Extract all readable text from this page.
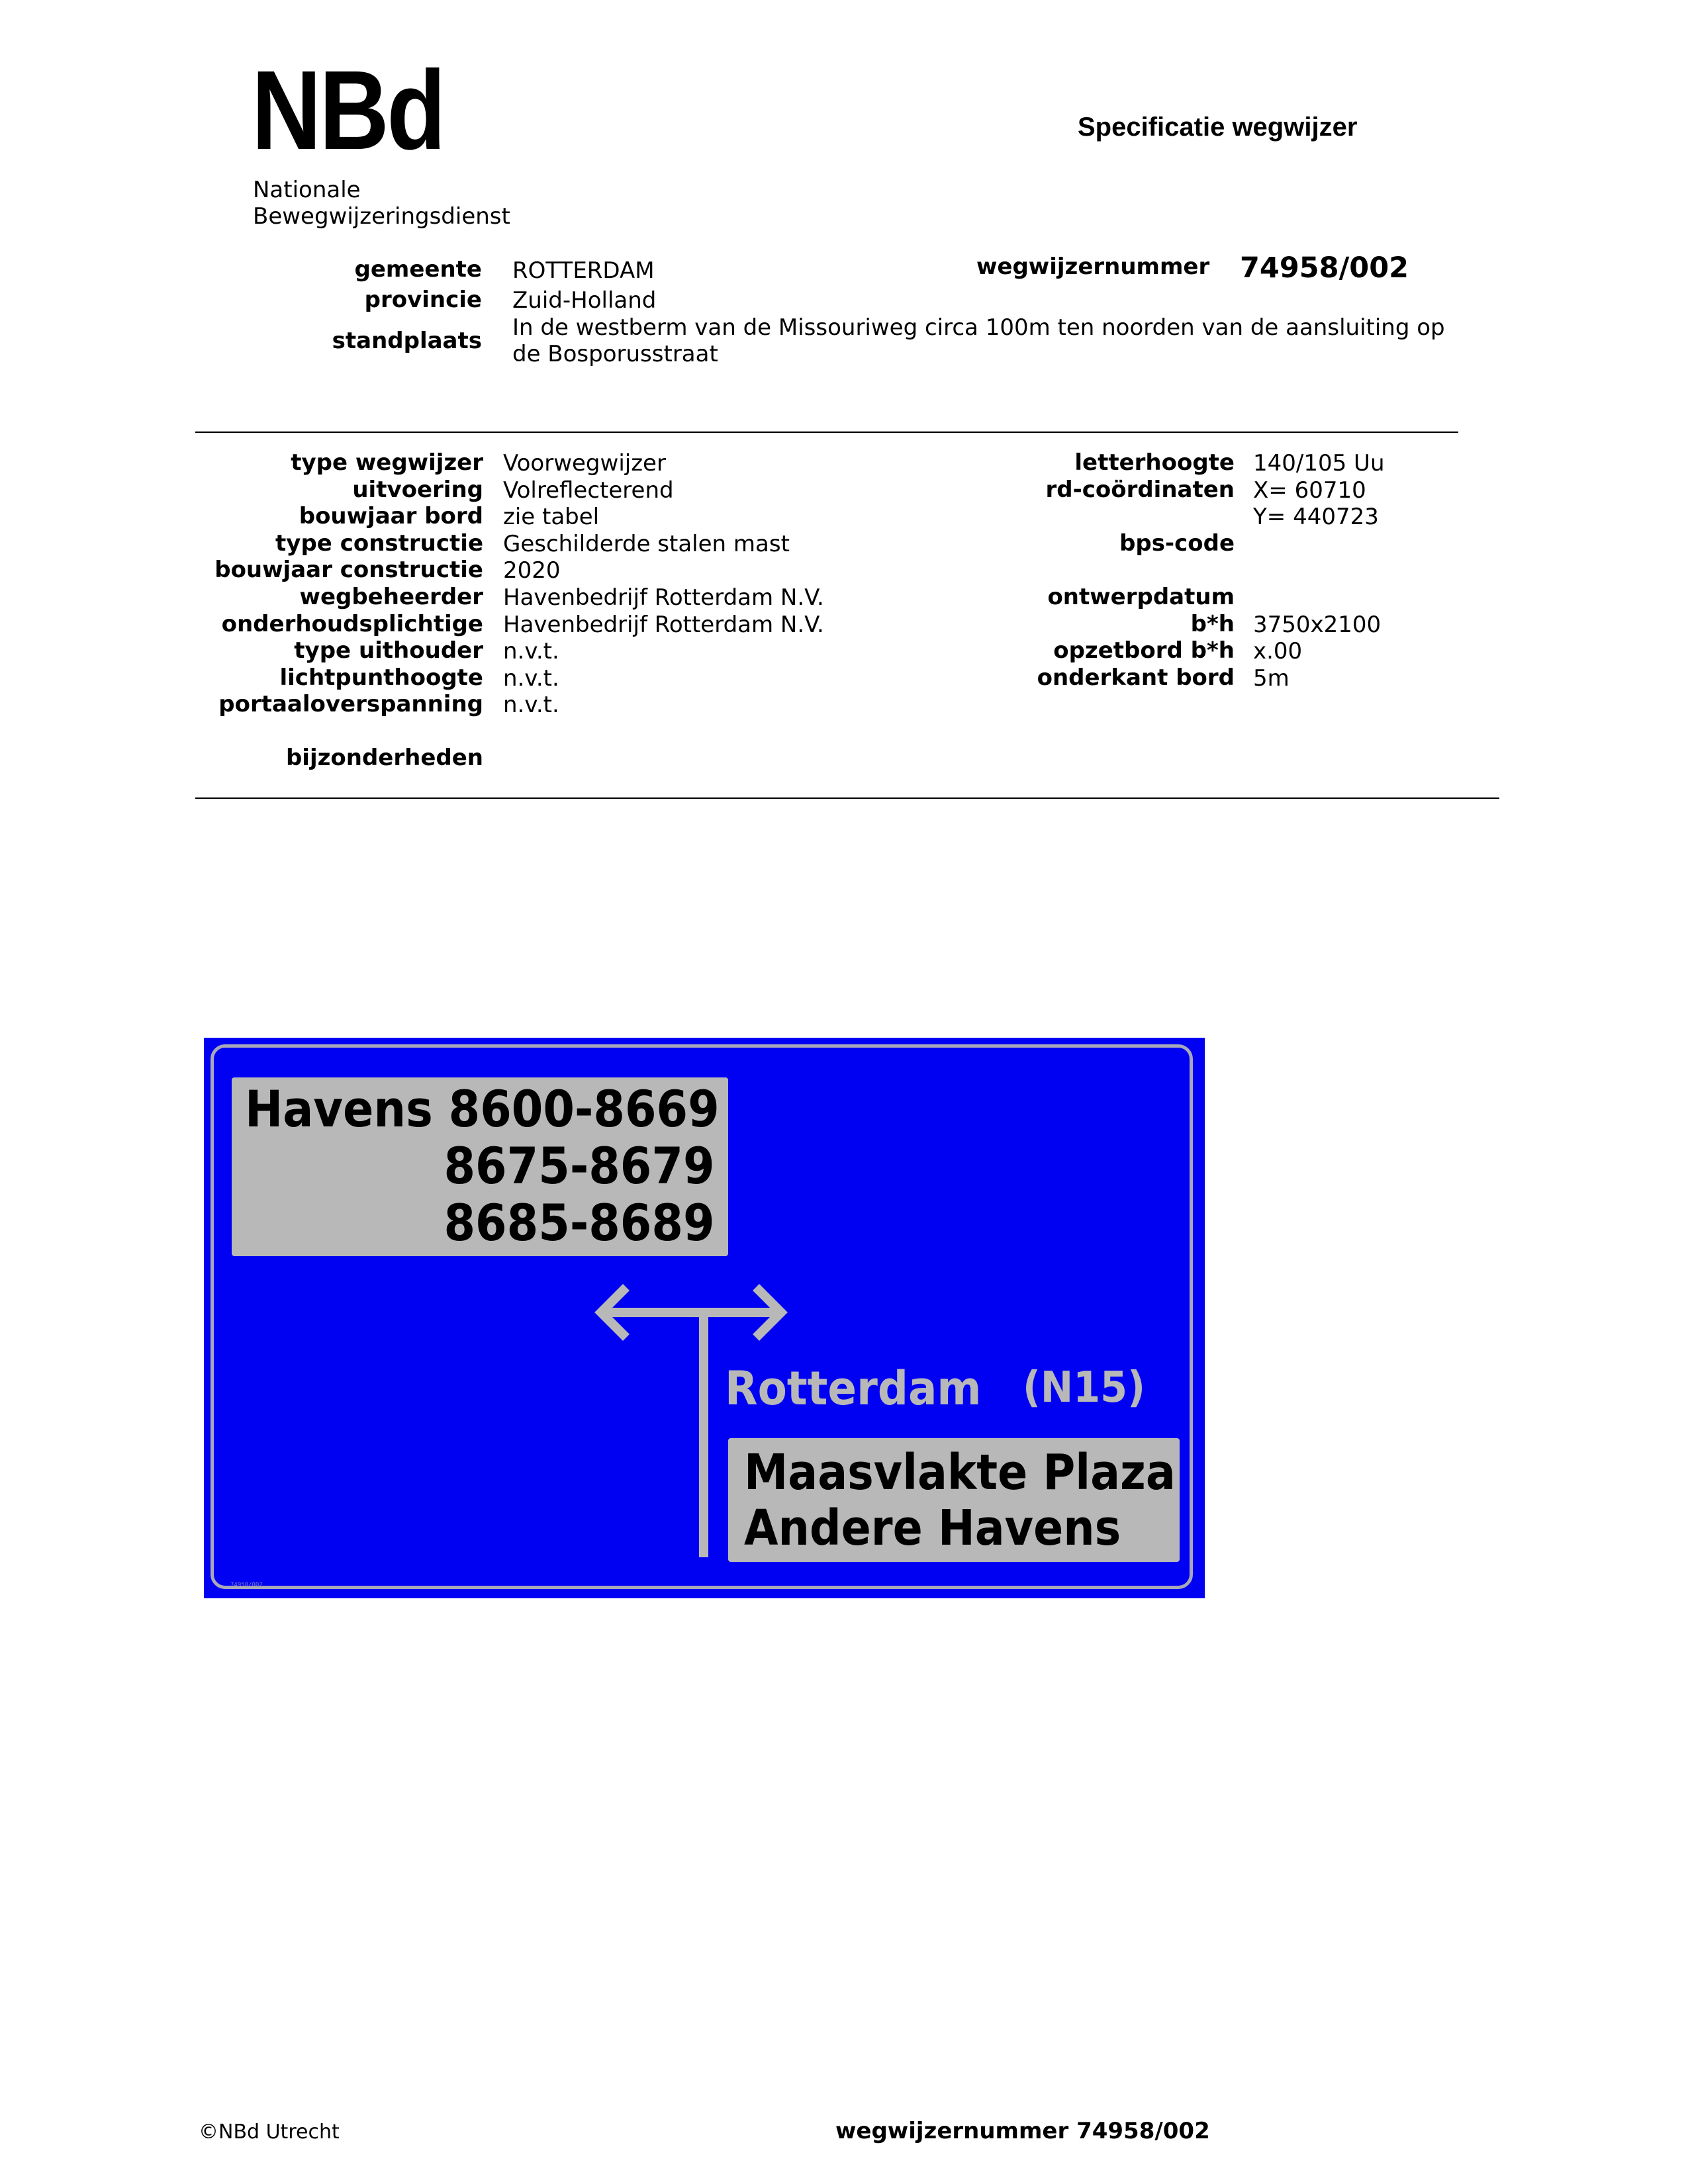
NBd
Nationale
Bewegwijzeringsdienst
Specificatie wegwijzer
gemeente ROTTERDAM
provincie Zuid-Holland
standplaats In de westberm van de Missouriweg circa 100m ten noorden van de aansluiting op
de Bosporusstraat
wegwijzernummer 74958/002
type wegwijzer
uitvoering
bouwjaar bord
type constructie
bouwjaar constructie
wegbeheerder
onderhoudsplichtige
type uithouder
lichtpunthoogte
portaaloverspanning
Voorwegwijzer
Volreflecterend
zie tabel
Geschilderde stalen mast
2020
Havenbedrijf Rotterdam N.V.
Havenbedrijf Rotterdam N.V.
n.v.t.
n.v.t.
n.v.t.
bijzonderheden
letterhoogte
rd-coördinaten
bps-code
ontwerpdatum
b*h
opzetbord b*h
onderkant bord
140/105 Uu
X= 60710
Y= 440723
3750x2100
x.00
5m
Havens 8600-8669
8675-8679
8685-8689
Rotterdam (N15)
Maasvlakte Plaza
Andere Havens
74958/002
©NBd Utrecht	wegwijzernummer 74958/002
